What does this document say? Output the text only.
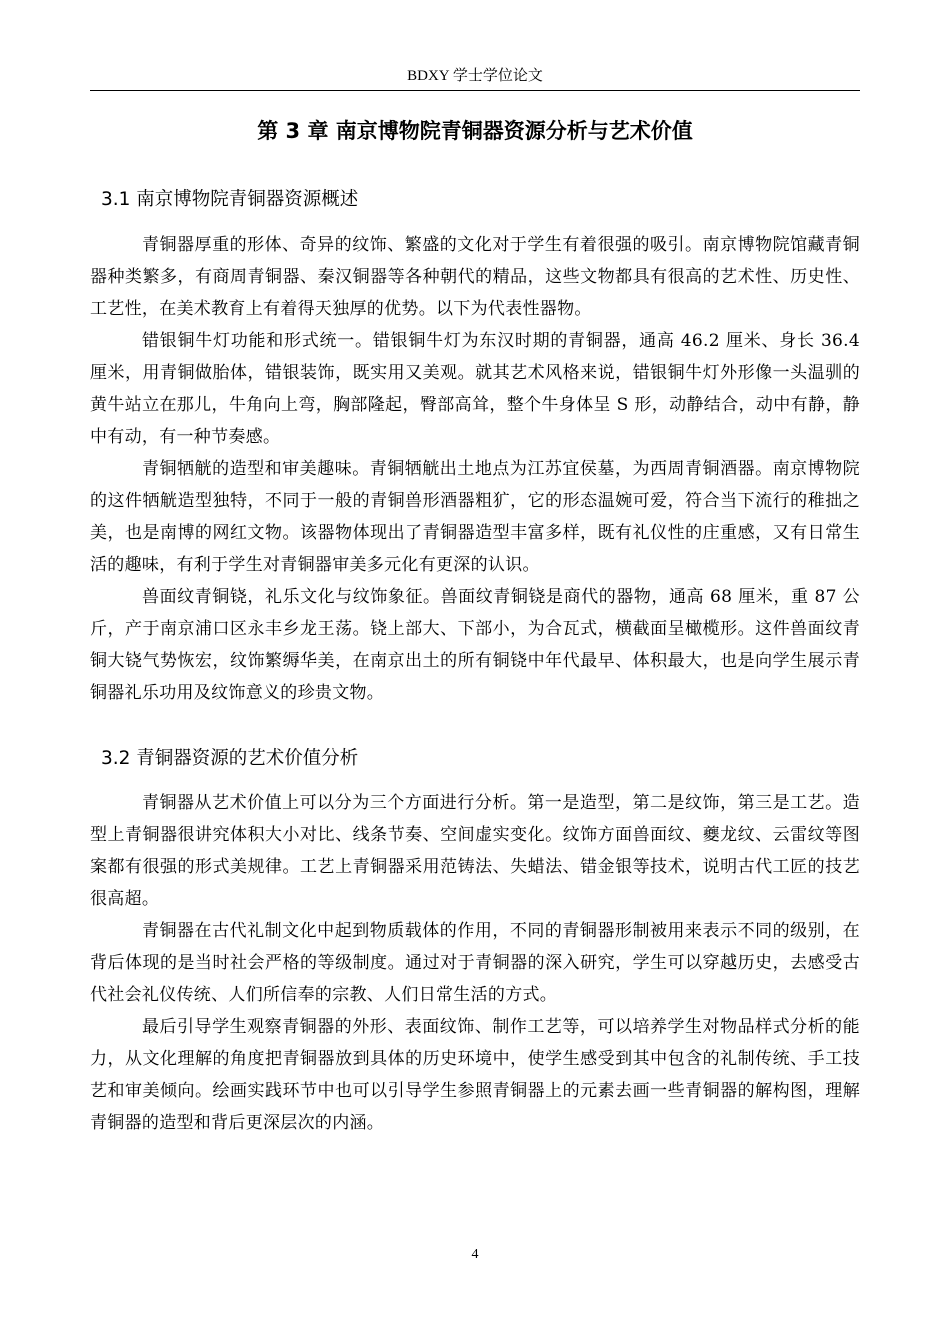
BDXY 学士学位论文
第 3 章 南京博物院青铜器资源分析与艺术价值
3.1 南京博物院青铜器资源概述

青铜器厚重的形体、奇异的纹饰、繁盛的文化对于学生有着很强的吸引。南京博物院馆藏青铜器种类繁多，有商周青铜器、秦汉铜器等各种朝代的精品，这些文物都具有很高的艺术性、历史性、工艺性，在美术教育上有着得天独厚的优势。以下为代表性器物。

错银铜牛灯功能和形式统一。错银铜牛灯为东汉时期的青铜器，通高 46.2 厘米、身长 36.4 厘米，用青铜做胎体，错银装饰，既实用又美观。就其艺术风格来说，错银铜牛灯外形像一头温驯的黄牛站立在那儿，牛角向上弯，胸部隆起，臀部高耸，整个牛身体呈 S 形，动静结合，动中有静，静中有动，有一种节奏感。

青铜牺觥的造型和审美趣味。青铜牺觥出土地点为江苏宜侯墓，为西周青铜酒器。南京博物院的这件牺觥造型独特，不同于一般的青铜兽形酒器粗犷，它的形态温婉可爱，符合当下流行的稚拙之美，也是南博的网红文物。该器物体现出了青铜器造型丰富多样，既有礼仪性的庄重感，又有日常生活的趣味，有利于学生对青铜器审美多元化有更深的认识。

兽面纹青铜铙，礼乐文化与纹饰象征。兽面纹青铜铙是商代的器物，通高 68 厘米，重 87 公斤，产于南京浦口区永丰乡龙王荡。铙上部大、下部小，为合瓦式，横截面呈橄榄形。这件兽面纹青铜大铙气势恢宏，纹饰繁缛华美，在南京出土的所有铜铙中年代最早、体积最大，也是向学生展示青铜器礼乐功用及纹饰意义的珍贵文物。

3.2 青铜器资源的艺术价值分析

青铜器从艺术价值上可以分为三个方面进行分析。第一是造型，第二是纹饰，第三是工艺。造型上青铜器很讲究体积大小对比、线条节奏、空间虚实变化。纹饰方面兽面纹、夔龙纹、云雷纹等图案都有很强的形式美规律。工艺上青铜器采用范铸法、失蜡法、错金银等技术，说明古代工匠的技艺很高超。

青铜器在古代礼制文化中起到物质载体的作用，不同的青铜器形制被用来表示不同的级别，在背后体现的是当时社会严格的等级制度。通过对于青铜器的深入研究，学生可以穿越历史，去感受古代社会礼仪传统、人们所信奉的宗教、人们日常生活的方式。

最后引导学生观察青铜器的外形、表面纹饰、制作工艺等，可以培养学生对物品样式分析的能力，从文化理解的角度把青铜器放到具体的历史环境中，使学生感受到其中包含的礼制传统、手工技艺和审美倾向。绘画实践环节中也可以引导学生参照青铜器上的元素去画一些青铜器的解构图，理解青铜器的造型和背后更深层次的内涵。

4
